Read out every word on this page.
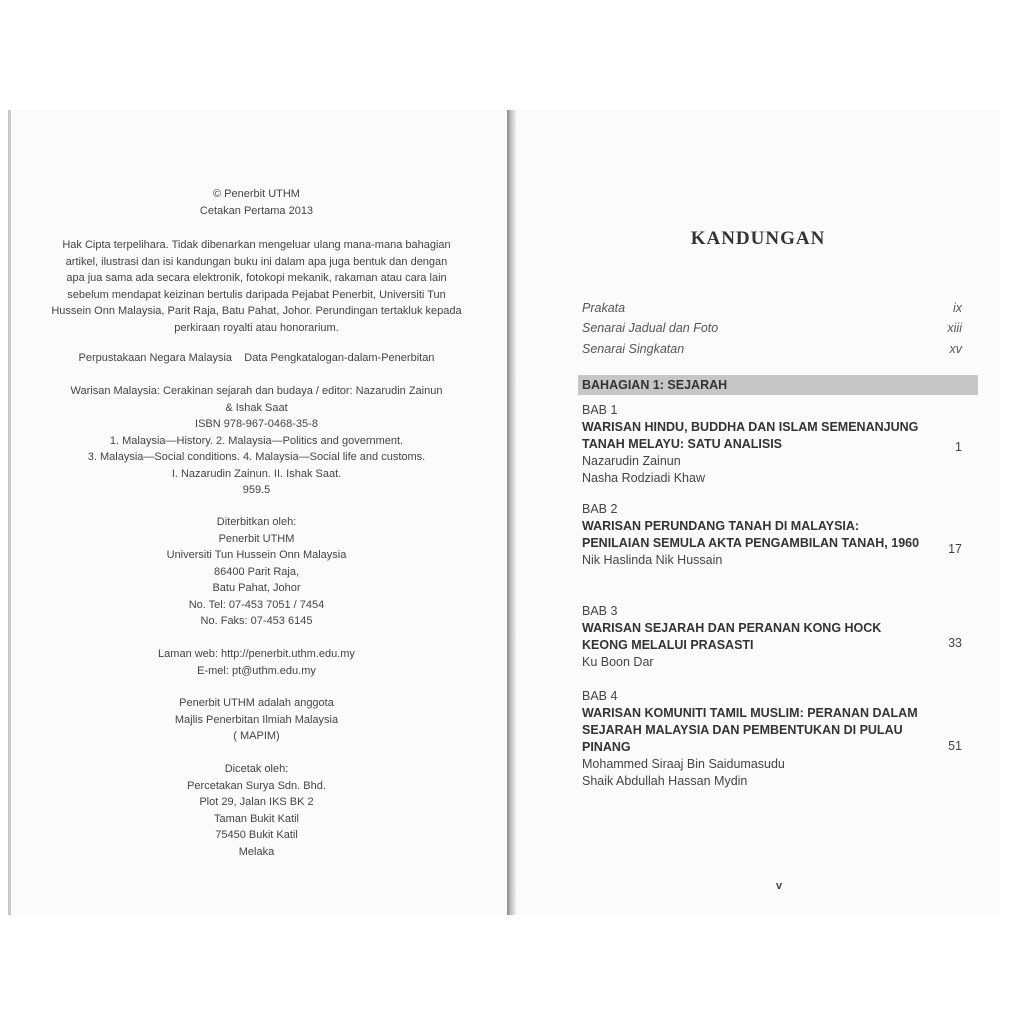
© Penerbit UTHM

Cetakan Pertama 2013

Hak Cipta terpelihara. Tidak dibenarkan mengeluar ulang mana-mana bahagian

artikel, ilustrasi dan isi kandungan buku ini dalam apa juga bentuk dan dengan

apa jua sama ada secara elektronik, fotokopi mekanik, rakaman atau cara lain

sebelum mendapat keizinan bertulis daripada Pejabat Penerbit, Universiti Tun

Hussein Onn Malaysia, Parit Raja, Batu Pahat, Johor. Perundingan tertakluk kepada

perkiraan royalti atau honorarium.

Perpustakaan Negara Malaysia    Data Pengkatalogan-dalam-Penerbitan

Warisan Malaysia: Cerakinan sejarah dan budaya / editor: Nazarudin Zainun

& Ishak Saat

ISBN 978-967-0468-35-8

1. Malaysia—History. 2. Malaysia—Politics and government.

3. Malaysia—Social conditions. 4. Malaysia—Social life and customs.

I. Nazarudin Zainun. II. Ishak Saat.

959.5

Diterbitkan oleh:

Penerbit UTHM

Universiti Tun Hussein Onn Malaysia

86400 Parit Raja,

Batu Pahat, Johor

No. Tel: 07-453 7051 / 7454

No. Faks: 07-453 6145

Laman web: http://penerbit.uthm.edu.my

E-mel: pt@uthm.edu.my

Penerbit UTHM adalah anggota

Majlis Penerbitan Ilmiah Malaysia

( MAPIM)

Dicetak oleh:

Percetakan Surya Sdn. Bhd.

Plot 29, Jalan IKS BK 2

Taman Bukit Katil

75450 Bukit Katil

Melaka

KANDUNGAN
Prakata	ix
Senarai Jadual dan Foto	xiii
Senarai Singkatan	xv
BAHAGIAN 1: SEJARAH
BAB 1
WARISAN HINDU, BUDDHA DAN ISLAM SEMENANJUNG TANAH MELAYU: SATU ANALISIS
Nazarudin Zainun
Nasha Rodziadi Khaw
1
BAB 2
WARISAN PERUNDANG TANAH DI MALAYSIA: PENILAIAN SEMULA AKTA PENGAMBILAN TANAH, 1960
Nik Haslinda Nik Hussain
17
BAB 3
WARISAN SEJARAH DAN PERANAN KONG HOCK KEONG MELALUI PRASASTI
Ku Boon Dar
33
BAB 4
WARISAN KOMUNITI TAMIL MUSLIM: PERANAN DALAM SEJARAH MALAYSIA DAN PEMBENTUKAN DI PULAU PINANG
Mohammed Siraaj Bin Saidumasudu
Shaik Abdullah Hassan Mydin
51
v
